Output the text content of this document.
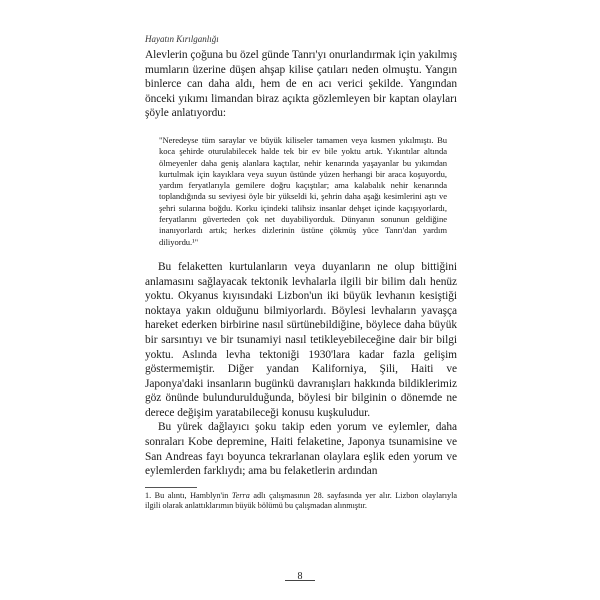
Hayatın Kırılganlığı

Alevlerin çoğuna bu özel günde Tanrı'yı onurlandırmak için yakılmış mumların üzerine düşen ahşap kilise çatıları neden olmuştu. Yangın binlerce can daha aldı, hem de en acı verici şekilde. Yangından önceki yıkımı limandan biraz açıkta gözlemleyen bir kaptan olayları şöyle anlatıyordu:

"Neredeyse tüm saraylar ve büyük kiliseler tamamen veya kısmen yıkılmıştı. Bu koca şehirde oturulabilecek halde tek bir ev bile yoktu artık. Yıkıntılar altında ölmeyenler daha geniş alanlara kaçtılar, nehir kenarında yaşayanlar bu yıkımdan kurtulmak için kayıklara veya suyun üstünde yüzen herhangi bir araca koşuyordu, yardım feryatlarıyla gemilere doğru kaçıştılar; ama kalabalık nehir kenarında toplandığında su seviyesi öyle bir yükseldi ki, şehrin daha aşağı kesimlerini aştı ve şehri sularına boğdu. Korku içindeki talihsiz insanlar dehşet içinde kaçışıyorlardı, feryatlarını güverteden çok net duyabiliyorduk. Dünyanın sonunun geldiğine inanıyorlardı artık; herkes dizlerinin üstüne çökmüş yüce Tanrı'dan yardım diliyordu.¹"

Bu felaketten kurtulanların veya duyanların ne olup bittiğini anlamasını sağlayacak tektonik levhalarla ilgili bir bilim dalı henüz yoktu. Okyanus kıyısındaki Lizbon'un iki büyük levhanın kesiştiği noktaya yakın olduğunu bilmiyorlardı. Böylesi levhaların yavaşça hareket ederken birbirine nasıl sürtünebildiğine, böylece daha büyük bir sarsıntıyı ve bir tsunamiyi nasıl tetikleyebileceğine dair bir bilgi yoktu. Aslında levha tektoniği 1930'lara kadar fazla gelişim göstermemiştir. Diğer yandan Kaliforniya, Şili, Haiti ve Japonya'daki insanların bugünkü davranışları hakkında bildiklerimiz göz önünde bulundurulduğunda, böylesi bir bilginin o dönemde ne derece değişim yaratabileceği konusu kuşkuludur.

Bu yürek dağlayıcı şoku takip eden yorum ve eylemler, daha sonraları Kobe depremine, Haiti felaketine, Japonya tsunamisine ve San Andreas fayı boyunca tekrarlanan olaylara eşlik eden yorum ve eylemlerden farklıydı; ama bu felaketlerin ardından

1. Bu alıntı, Hamblyn'in Terra adlı çalışmasının 28. sayfasında yer alır. Lizbon olaylarıyla ilgili olarak anlattıklarımın büyük bölümü bu çalışmadan alınmıştır.

8
